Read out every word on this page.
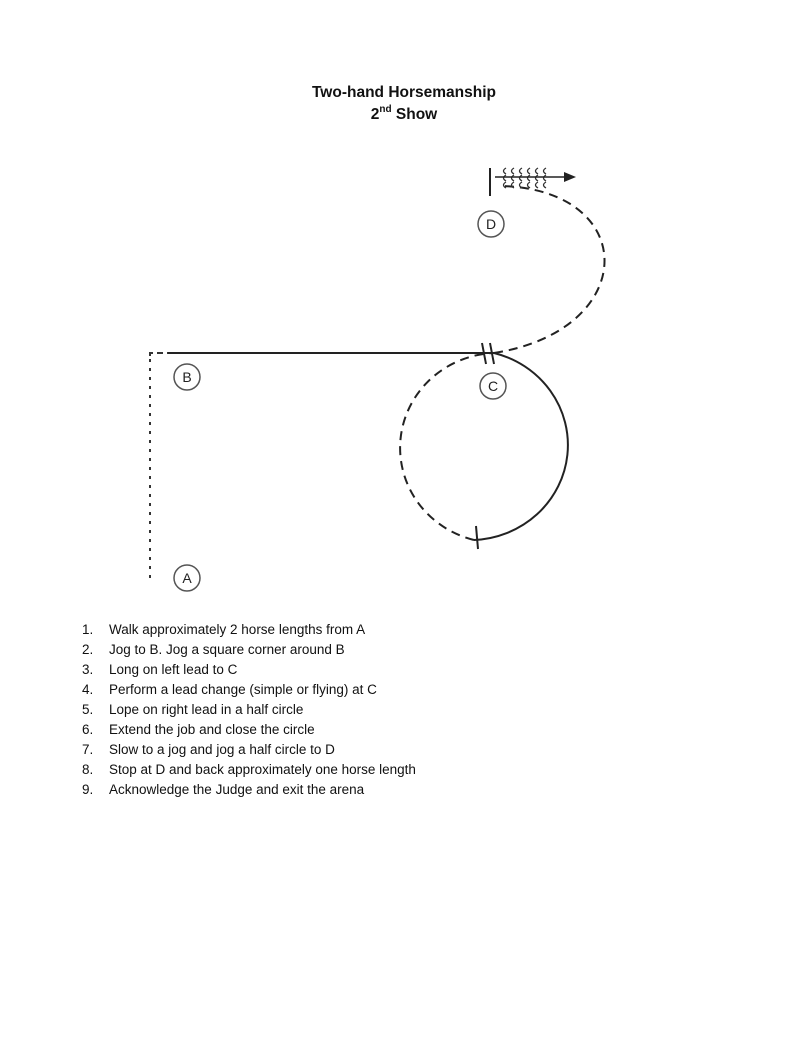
Two-hand Horsemanship
2nd Show
A
B
C
D
1. Walk approximately 2 horse lengths from A
2. Jog to B. Jog a square corner around B
3. Long on left lead to C
4. Perform a lead change (simple or flying) at C
5. Lope on right lead in a half circle
6. Extend the job and close the circle
7. Slow to a jog and jog a half circle to D
8. Stop at D and back approximately one horse length
9. Acknowledge the Judge and exit the arena
